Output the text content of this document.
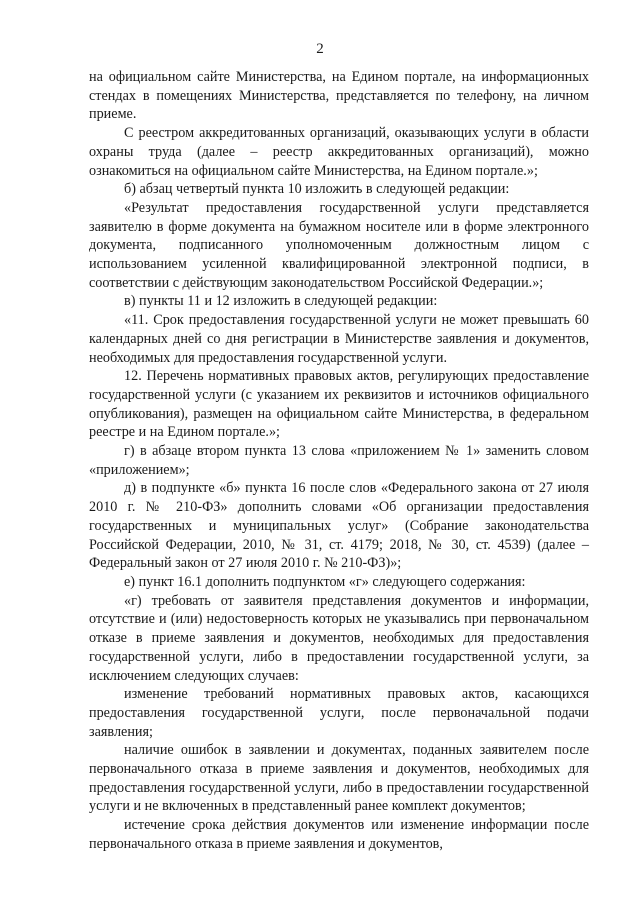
2

на официальном сайте Министерства, на Едином портале, на информационных стендах в помещениях Министерства, представляется по телефону, на личном приеме.

С реестром аккредитованных организаций, оказывающих услуги в области охраны труда (далее – реестр аккредитованных организаций), можно ознакомиться на официальном сайте Министерства, на Едином портале.»;

б) абзац четвертый пункта 10 изложить в следующей редакции:

«Результат предоставления государственной услуги представляется заявителю в форме документа на бумажном носителе или в форме электронного документа, подписанного уполномоченным должностным лицом с использованием усиленной квалифицированной электронной подписи, в соответствии с действующим законодательством Российской Федерации.»;

в) пункты 11 и 12 изложить в следующей редакции:

«11. Срок предоставления государственной услуги не может превышать 60 календарных дней со дня регистрации в Министерстве заявления и документов, необходимых для предоставления государственной услуги.

12. Перечень нормативных правовых актов, регулирующих предоставление государственной услуги (с указанием их реквизитов и источников официального опубликования), размещен на официальном сайте Министерства, в федеральном реестре и на Едином портале.»;

г) в абзаце втором пункта 13 слова «приложением № 1» заменить словом «приложением»;

д) в подпункте «б» пункта 16 после слов «Федерального закона от 27 июля 2010 г. № 210-ФЗ» дополнить словами «Об организации предоставления государственных и муниципальных услуг» (Собрание законодательства Российской Федерации, 2010, № 31, ст. 4179; 2018, № 30, ст. 4539) (далее – Федеральный закон от 27 июля 2010 г. № 210-ФЗ)»;

е) пункт 16.1 дополнить подпунктом «г» следующего содержания:

«г) требовать от заявителя представления документов и информации, отсутствие и (или) недостоверность которых не указывались при первоначальном отказе в приеме заявления и документов, необходимых для предоставления государственной услуги, либо в предоставлении государственной услуги, за исключением следующих случаев:

изменение требований нормативных правовых актов, касающихся предоставления государственной услуги, после первоначальной подачи заявления;

наличие ошибок в заявлении и документах, поданных заявителем после первоначального отказа в приеме заявления и документов, необходимых для предоставления государственной услуги, либо в предоставлении государственной услуги и не включенных в представленный ранее комплект документов;

истечение срока действия документов или изменение информации после первоначального отказа в приеме заявления и документов,
